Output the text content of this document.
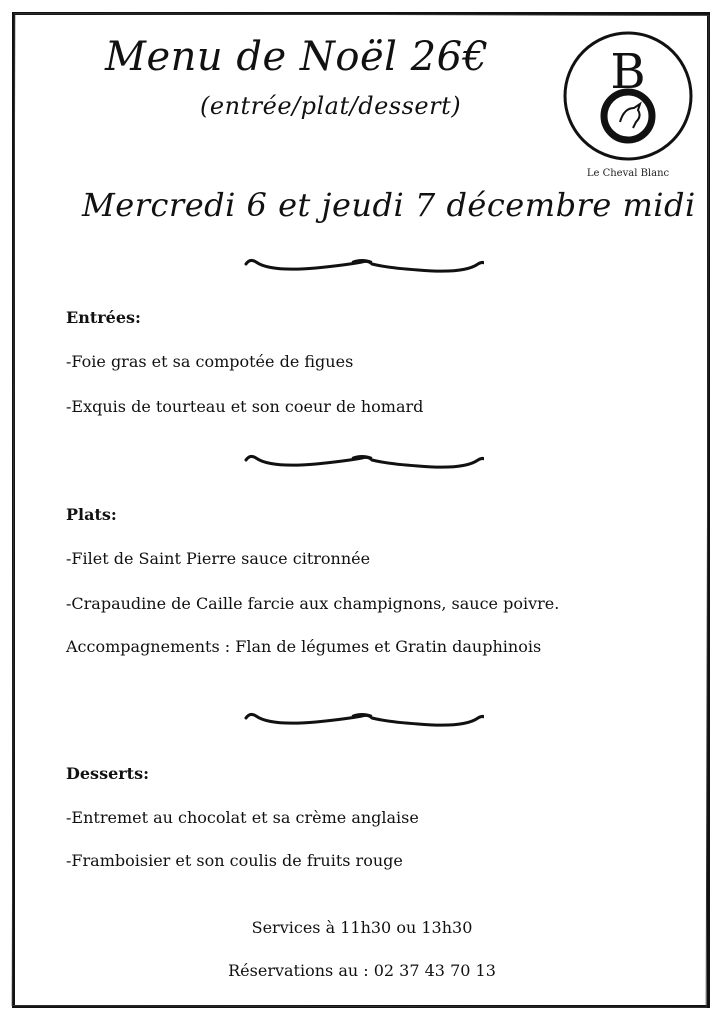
Menu de Noël 26€
(entrée/plat/dessert)
B
Le Cheval Blanc
Mercredi 6 et jeudi 7 décembre midi
Entrées:
-Foie gras et sa compotée de figues
-Exquis de tourteau et son coeur de homard
Plats:
-Filet de Saint Pierre sauce citronnée
-Crapaudine de Caille farcie aux champignons, sauce poivre.
Accompagnements : Flan de légumes et Gratin dauphinois
Desserts:
-Entremet au chocolat et sa crème anglaise
-Framboisier et son coulis de fruits rouge
Services à 11h30 ou 13h30
Réservations au : 02 37 43 70 13
